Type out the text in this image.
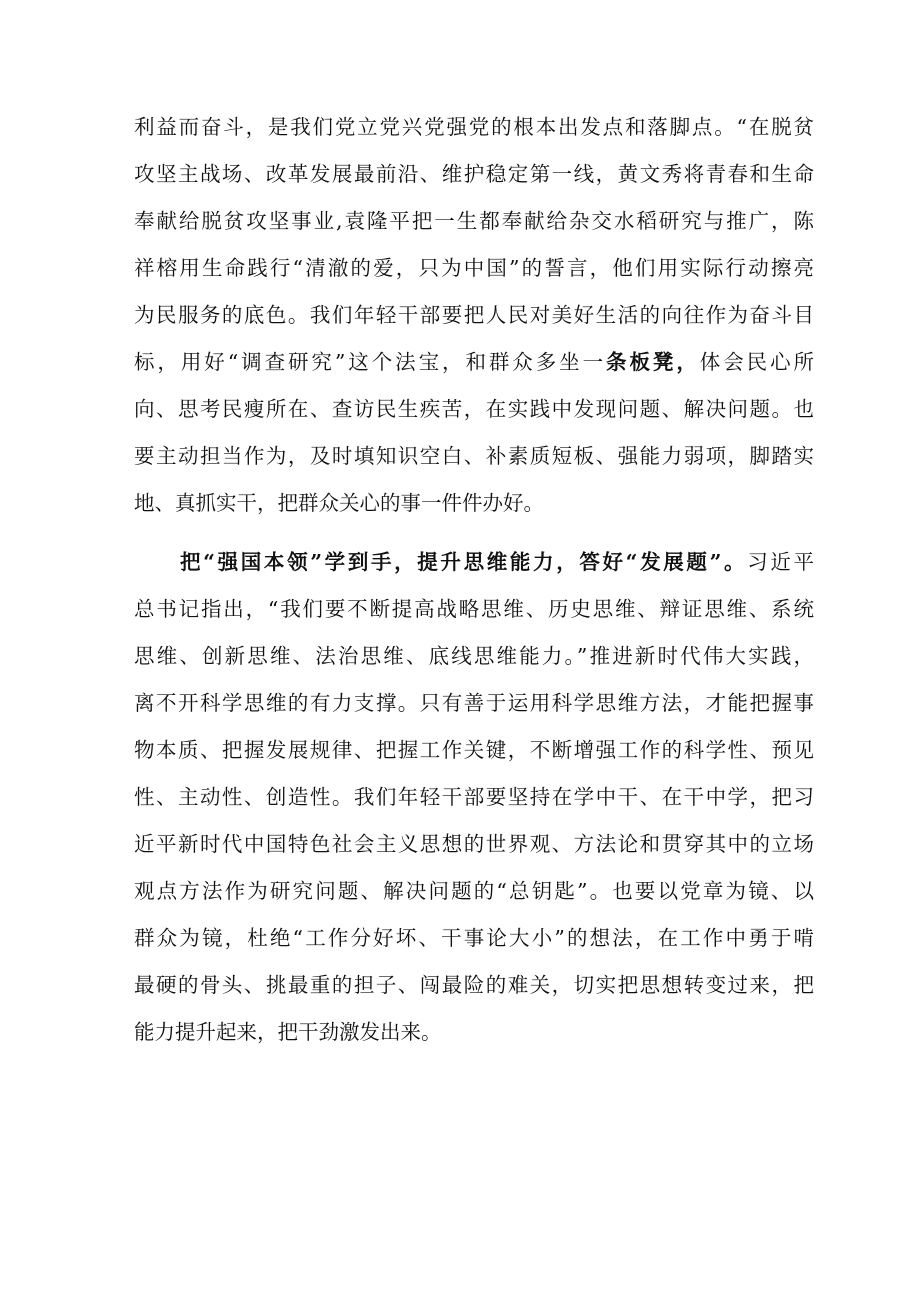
利益而奋斗，是我们党立党兴党强党的根本出发点和落脚点。“在脱贫
攻坚主战场、改革发展最前沿、维护稳定第一线，黄文秀将青春和生命
奉献给脱贫攻坚事业,袁隆平把一生都奉献给杂交水稻研究与推广，陈
祥榕用生命践行“清澈的爱，只为中国”的誓言，他们用实际行动擦亮
为民服务的底色。我们年轻干部要把人民对美好生活的向往作为奋斗目
标，用好“调查研究”这个法宝，和群众多坐一条板凳，体会民心所
向、思考民瘦所在、查访民生疾苦，在实践中发现问题、解决问题。也
要主动担当作为，及时填知识空白、补素质短板、强能力弱项，脚踏实
地、真抓实干，把群众关心的事一件件办好。
把“强国本领”学到手，提升思维能力，答好“发展题”。习近平
总书记指出，“我们要不断提高战略思维、历史思维、辩证思维、系统
思维、创新思维、法治思维、底线思维能力。”推进新时代伟大实践，
离不开科学思维的有力支撑。只有善于运用科学思维方法，才能把握事
物本质、把握发展规律、把握工作关键，不断增强工作的科学性、预见
性、主动性、创造性。我们年轻干部要坚持在学中干、在干中学，把习
近平新时代中国特色社会主义思想的世界观、方法论和贯穿其中的立场
观点方法作为研究问题、解决问题的“总钥匙”。也要以党章为镜、以
群众为镜，杜绝“工作分好坏、干事论大小”的想法，在工作中勇于啃
最硬的骨头、挑最重的担子、闯最险的难关，切实把思想转变过来，把
能力提升起来，把干劲激发出来。
